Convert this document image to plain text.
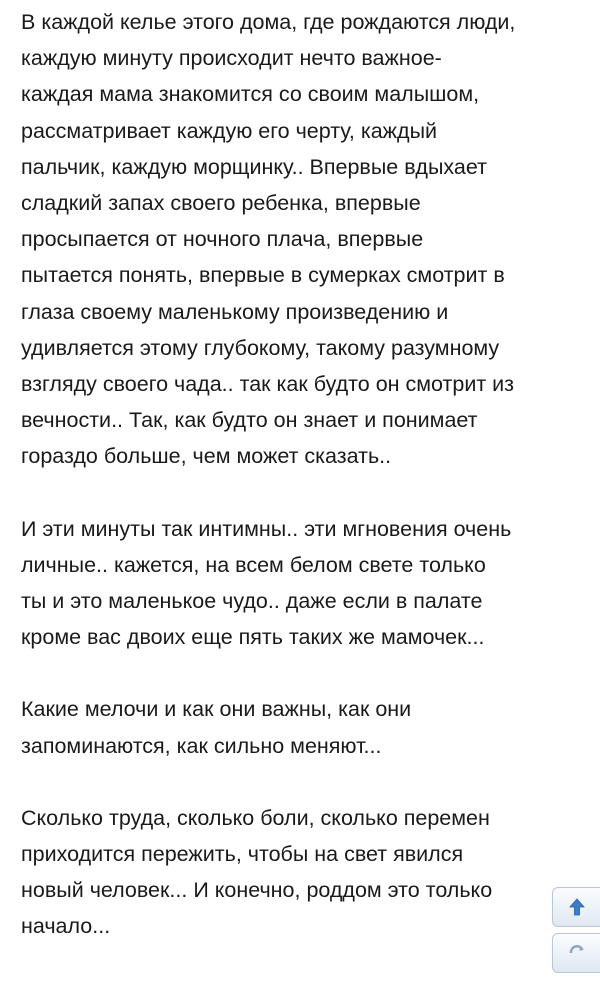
В каждой келье этого дома, где рождаются люди,
каждую минуту происходит нечто важное-
каждая мама знакомится со своим малышом,
рассматривает каждую его черту, каждый
пальчик, каждую морщинку.. Впервые вдыхает
сладкий запах своего ребенка, впервые
просыпается от ночного плача, впервые
пытается понять, впервые в сумерках смотрит в
глаза своему маленькому произведению и
удивляется этому глубокому, такому разумному
взгляду своего чада.. так как будто он смотрит из
вечности.. Так, как будто он знает и понимает
гораздо больше, чем может сказать..

И эти минуты так интимны.. эти мгновения очень
личные.. кажется, на всем белом свете только
ты и это маленькое чудо.. даже если в палате
кроме вас двоих еще пять таких же мамочек...

Какие мелочи и как они важны, как они
запоминаются, как сильно меняют...

Сколько труда, сколько боли, сколько перемен
приходится пережить, чтобы на свет явился
новый человек... И конечно, роддом это только
начало...
